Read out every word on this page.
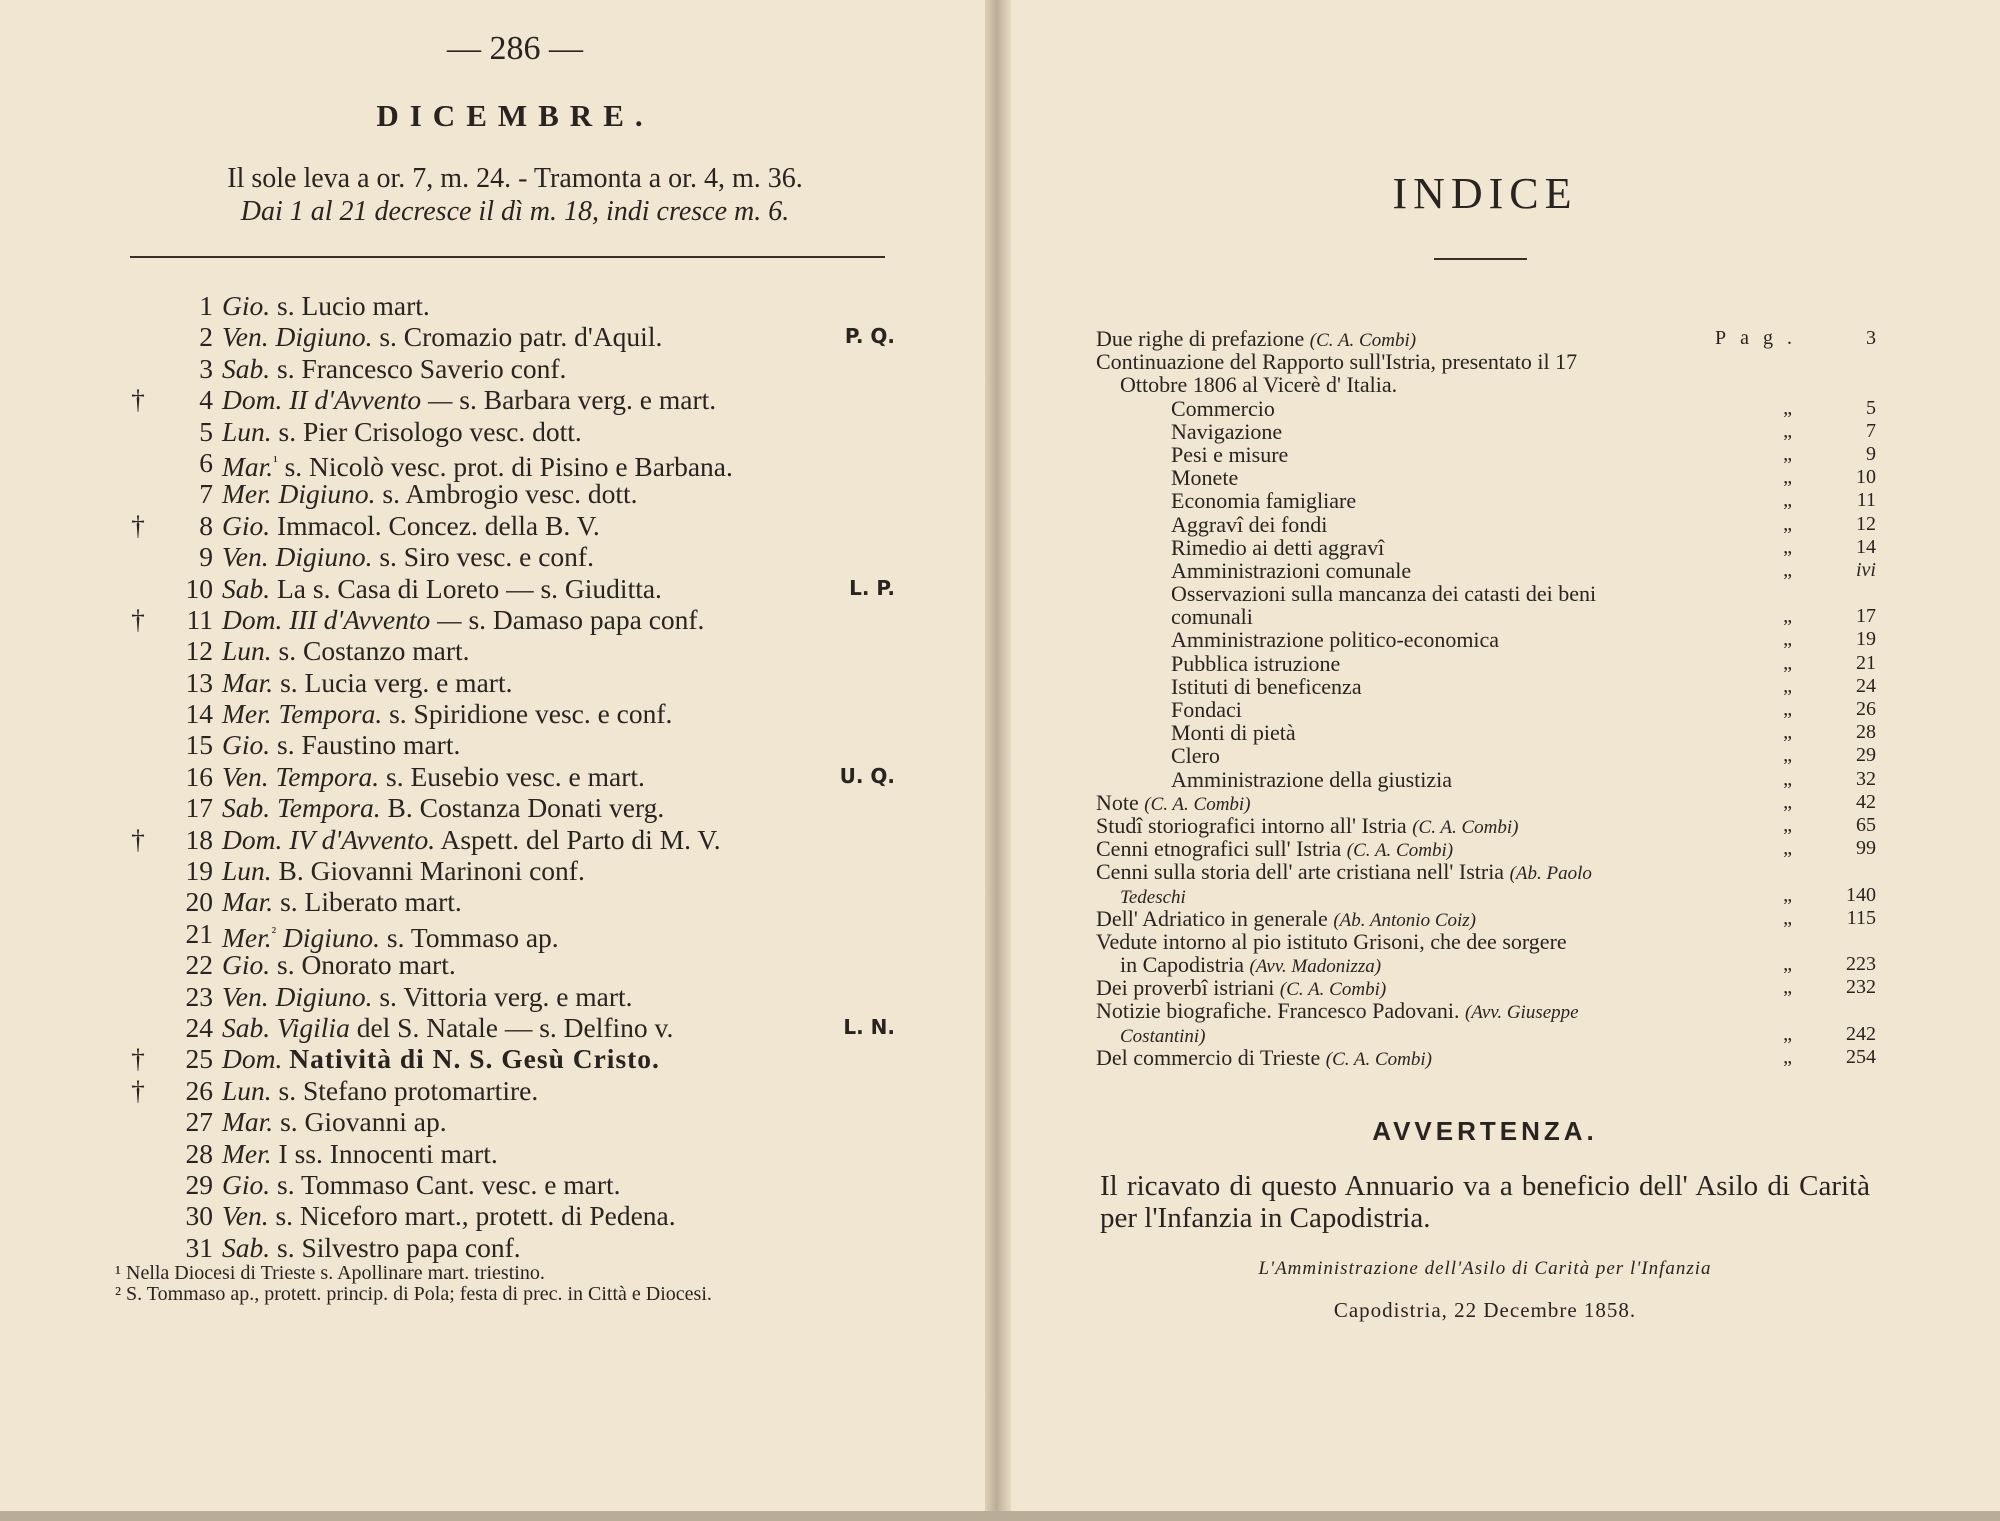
— 286 —
DICEMBRE.
Il sole leva a or. 7, m. 24. - Tramonta a or. 4, m. 36.
Dai 1 al 21 decresce il dì m. 18, indi cresce m. 6.
1 Gio. s. Lucio mart.
2 Ven. Digiuno. s. Cromazio patr. d'Aquil.	P. Q.
3 Sab. s. Francesco Saverio conf.
†	4 Dom. II d'Avvento — s. Barbara verg. e mart.
5 Lun. s. Pier Crisologo vesc. dott.
6 Mar.$^{^1}$ s. Nicolò vesc. prot. di Pisino e Barbana.
7 Mer. Digiuno. s. Ambrogio vesc. dott.
†	8 Gio. Immacol. Concez. della B. V.
9 Ven. Digiuno. s. Siro vesc. e conf.
10 Sab. La s. Casa di Loreto — s. Giuditta.	L. P.
†	11 Dom. III d'Avvento — s. Damaso papa conf.
12 Lun. s. Costanzo mart.
13 Mar. s. Lucia verg. e mart.
14 Mer. Tempora. s. Spiridione vesc. e conf.
15 Gio. s. Faustino mart.
16 Ven. Tempora. s. Eusebio vesc. e mart.	U. Q.
17 Sab. Tempora. B. Costanza Donati verg.
†	18 Dom. IV d'Avvento. Aspett. del Parto di M. V.
19 Lun. B. Giovanni Marinoni conf.
20 Mar. s. Liberato mart.
21 Mer.$^{^2}$ Digiuno. s. Tommaso ap.
22 Gio. s. Onorato mart.
23 Ven. Digiuno. s. Vittoria verg. e mart.
24 Sab. Vigilia del S. Natale — s. Delfino v.	L. N.
†	25 Dom. Natività di N. S. Gesù Cristo.
†	26 Lun. s. Stefano protomartire.
27 Mar. s. Giovanni ap.
28 Mer. I ss. Innocenti mart.
29 Gio. s. Tommaso Cant. vesc. e mart.
30 Ven. s. Niceforo mart., protett. di Pedena.
31 Sab. s. Silvestro papa conf.

¹ Nella Diocesi di Trieste s. Apollinare mart. triestino.

² S. Tommaso ap., protett. princip. di Pola; festa di prec. in Città e Diocesi.

INDICE
Due righe di prefazione (C. A. Combi)	Pag.	3
Continuazione del Rapporto sull'Istria, presentato il 17
Ottobre 1806 al Vicerè d' Italia.
Commercio	„	5
Navigazione	„	7
Pesi e misure	„	9
Monete	„	10
Economia famigliare	„	11
Aggravî dei fondi	„	12
Rimedio ai detti aggravî	„	14
Amministrazioni comunale	„	ivi
Osservazioni sulla mancanza dei catasti dei beni
comunali	„	17
Amministrazione politico-economica	„	19
Pubblica istruzione	„	21
Istituti di beneficenza	„	24
Fondaci	„	26
Monti di pietà	„	28
Clero	„	29
Amministrazione della giustizia	„	32
Note (C. A. Combi)	„	42
Studî storiografici intorno all' Istria (C. A. Combi)	„	65
Cenni etnografici sull' Istria (C. A. Combi)	„	99
Cenni sulla storia dell' arte cristiana nell' Istria (Ab. Paolo
Tedeschi	„ 140
Dell' Adriatico in generale (Ab. Antonio Coiz)	„ 115
Vedute intorno al pio istituto Grisoni, che dee sorgere
in Capodistria (Avv. Madonizza)	„ 223
Dei proverbî istriani (C. A. Combi)	„ 232
Notizie biografiche. Francesco Padovani. (Avv. Giuseppe
Costantini)	„ 242
Del commercio di Trieste (C. A. Combi)	„ 254
AVVERTENZA.

Il ricavato di questo Annuario va a beneficio dell' Asilo di Carità per l'Infanzia in Capodistria.

L'Amministrazione dell'Asilo di Carità per l'Infanzia
Capodistria, 22 Decembre 1858.
